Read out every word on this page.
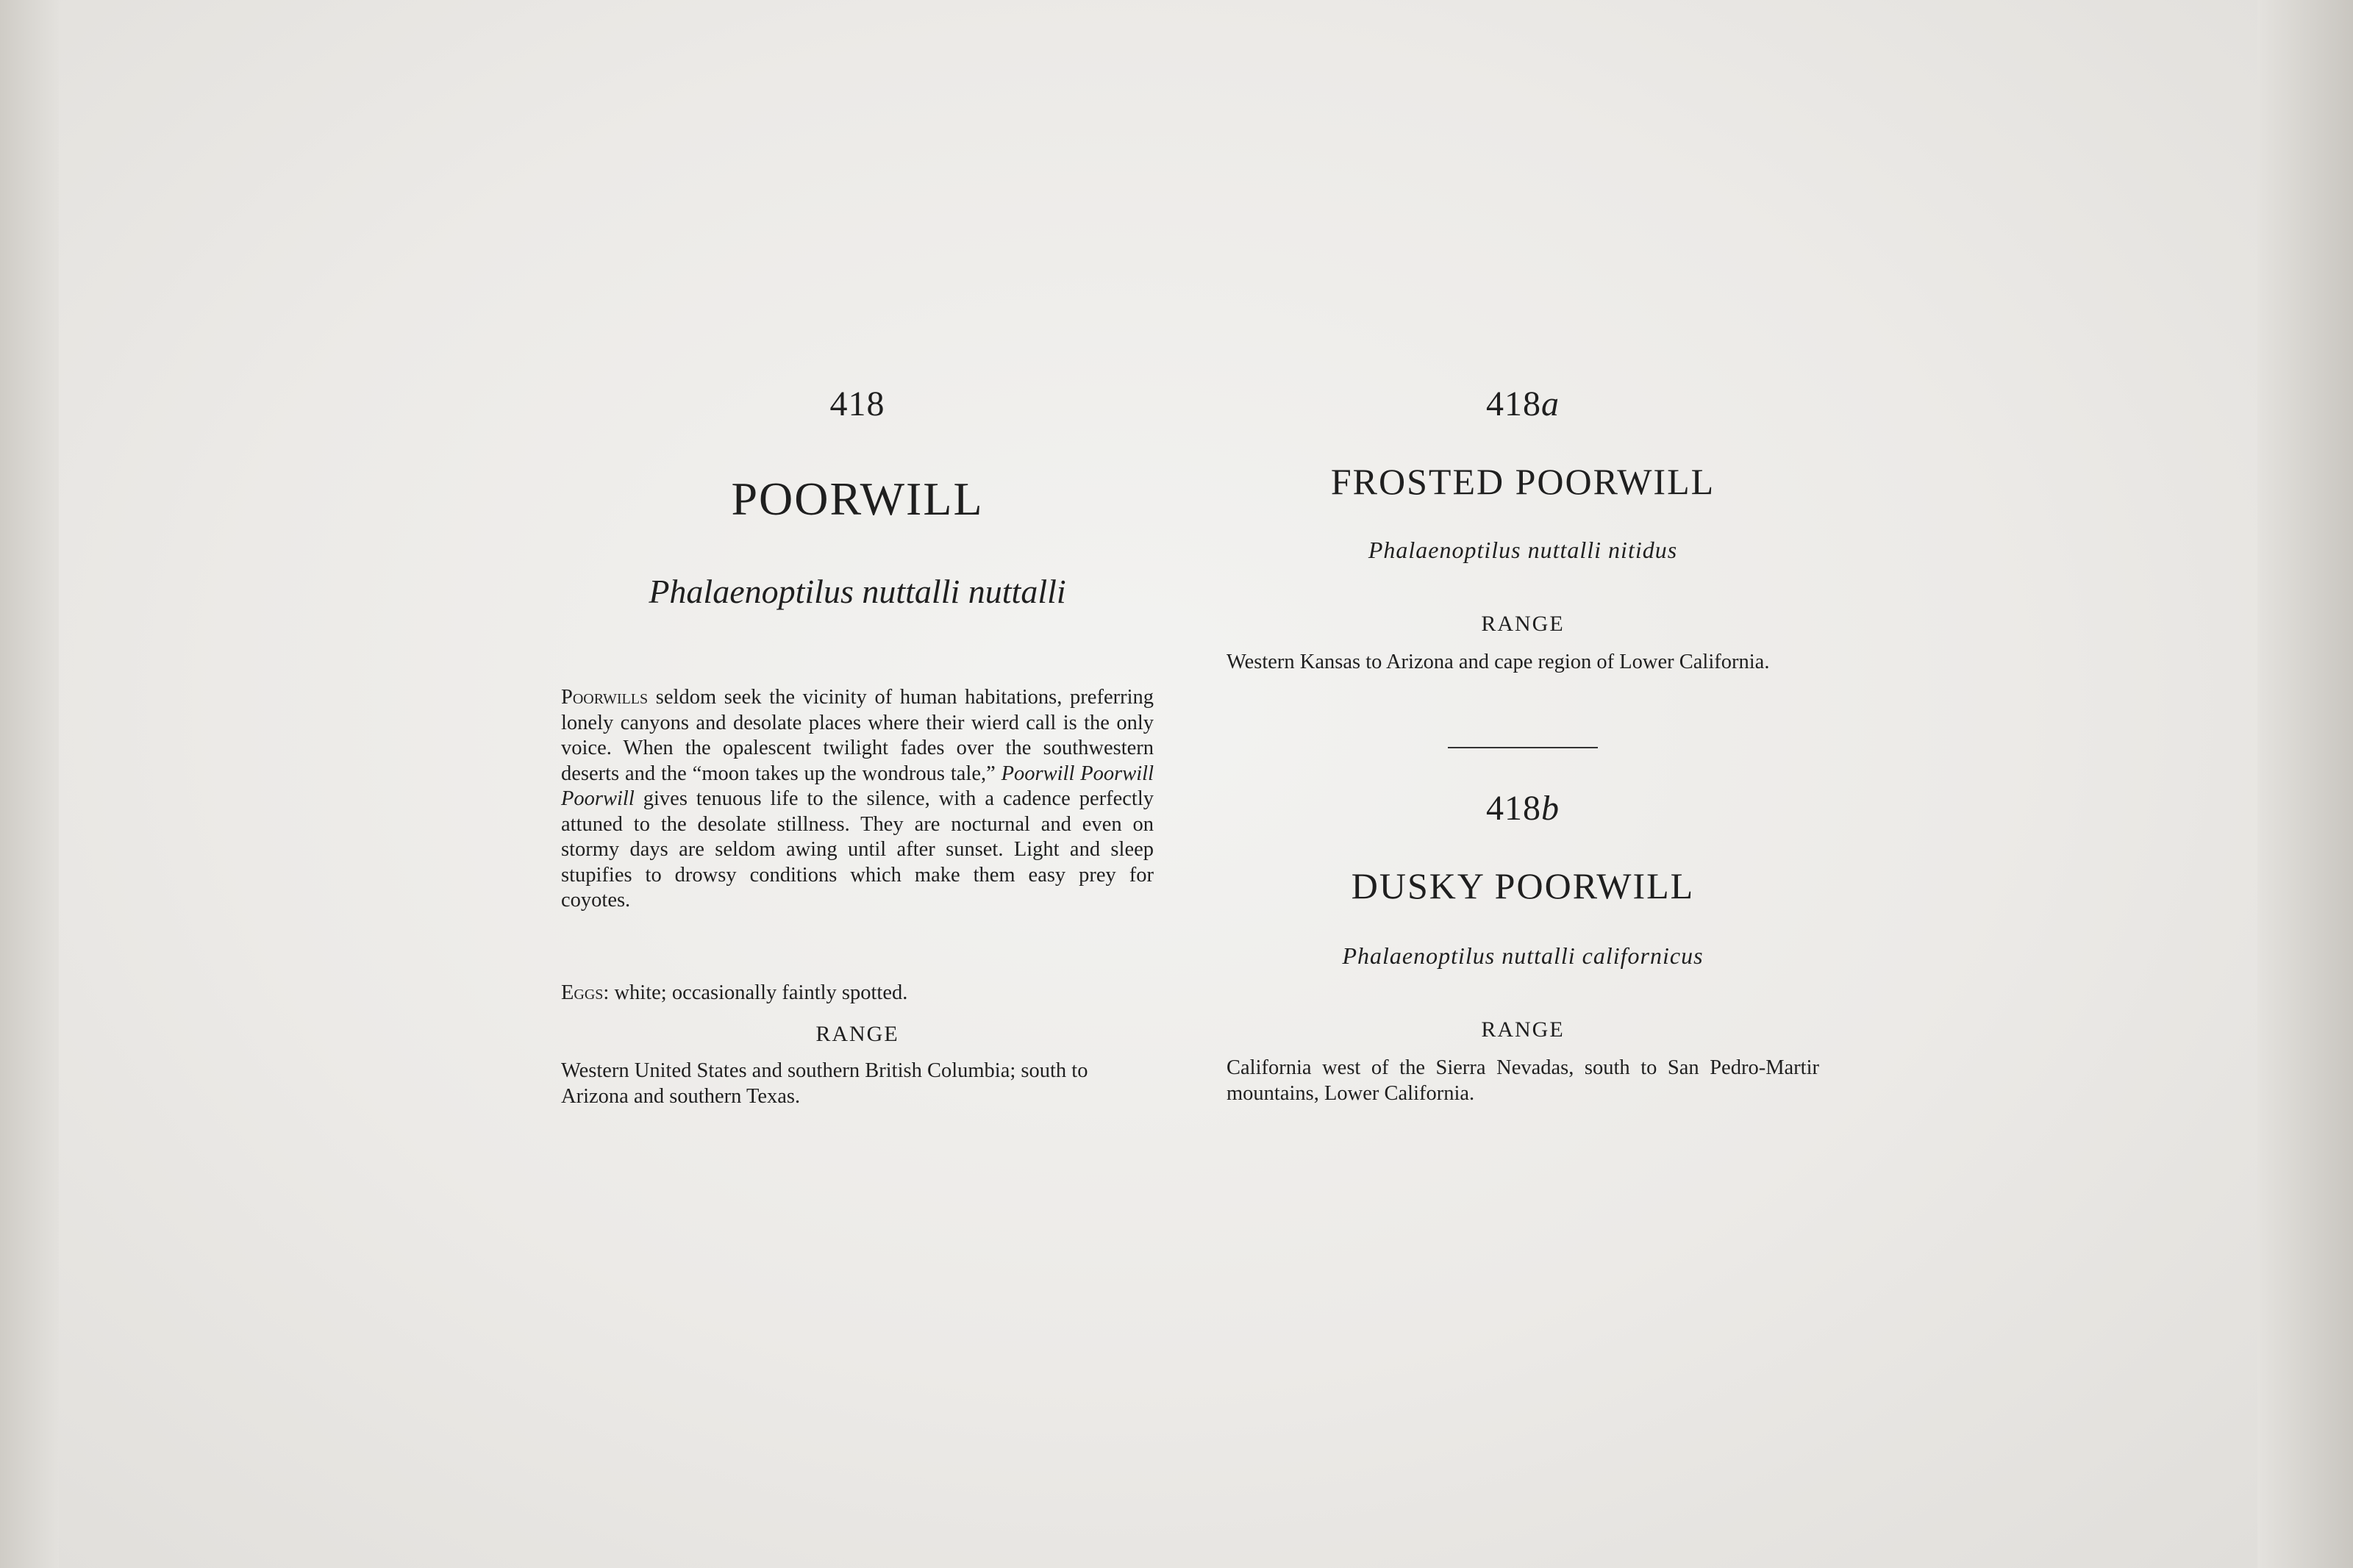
418
POORWILL
Phalaenoptilus nuttalli nuttalli

Poorwills seldom seek the vicinity of human habitations, preferring lonely canyons and desolate places where their wierd call is the only voice. When the opalescent twilight fades over the southwestern deserts and the “moon takes up the wondrous tale,” Poorwill Poorwill Poorwill gives tenuous life to the silence, with a cadence perfectly attuned to the desolate stillness. They are nocturnal and even on stormy days are seldom awing until after sunset. Light and sleep stupifies to drowsy conditions which make them easy prey for coyotes.

Eggs: white; occasionally faintly spotted.
RANGE
Western United States and southern British Columbia; south to Arizona and southern Texas.
418a
FROSTED POORWILL
Phalaenoptilus nuttalli nitidus
RANGE
Western Kansas to Arizona and cape region of Lower California.
418b
DUSKY POORWILL
Phalaenoptilus nuttalli californicus
RANGE
California west of the Sierra Nevadas, south to San Pedro-Martir mountains, Lower California.
